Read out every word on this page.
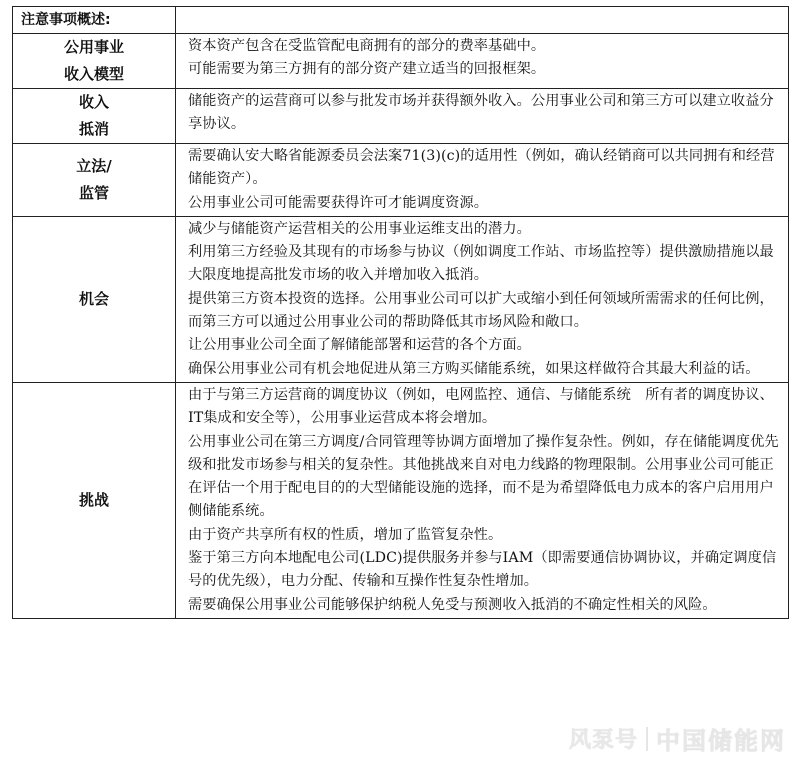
注意事项概述:	

公用事业
收入模型	资本资产包含在受监管配电商拥有的部分的费率基础中。
可能需要为第三方拥有的部分资产建立适当的回报框架。

收入
抵消	储能资产的运营商可以参与批发市场并获得额外收入。公用事业公司和第三方可以建立收益分享协议。

立法/
监管	需要确认安大略省能源委员会法案71(3)(c)的适用性（例如，确认经销商可以共同拥有和经营储能资产）。
公用事业公司可能需要获得许可才能调度资源。

机会	减少与储能资产运营相关的公用事业运维支出的潜力。
利用第三方经验及其现有的市场参与协议（例如调度工作站、市场监控等）提供激励措施以最大限度地提高批发市场的收入并增加收入抵消。
提供第三方资本投资的选择。公用事业公司可以扩大或缩小到任何领域所需需求的任何比例，而第三方可以通过公用事业公司的帮助降低其市场风险和敞口。
让公用事业公司全面了解储能部署和运营的各个方面。
确保公用事业公司有机会地促进从第三方购买储能系统，如果这样做符合其最大利益的话。

挑战	由于与第三方运营商的调度协议（例如，电网监控、通信、与储能系统　所有者的调度协议、IT集成和安全等），公用事业运营成本将会增加。
公用事业公司在第三方调度/合同管理等协调方面增加了操作复杂性。例如，存在储能调度优先级和批发市场参与相关的复杂性。其他挑战来自对电力线路的物理限制。公用事业公司可能正在评估一个用于配电目的的大型储能设施的选择，而不是为希望降低电力成本的客户启用用户侧储能系统。
由于资产共享所有权的性质，增加了监管复杂性。
鉴于第三方向本地配电公司(LDC)提供服务并参与IAM（即需要通信协调协议，并确定调度信号的优先级），电力分配、传输和互操作性复杂性增加。
需要确保公用事业公司能够保护纳税人免受与预测收入抵消的不确定性相关的风险。
风泵号 中国储能网
